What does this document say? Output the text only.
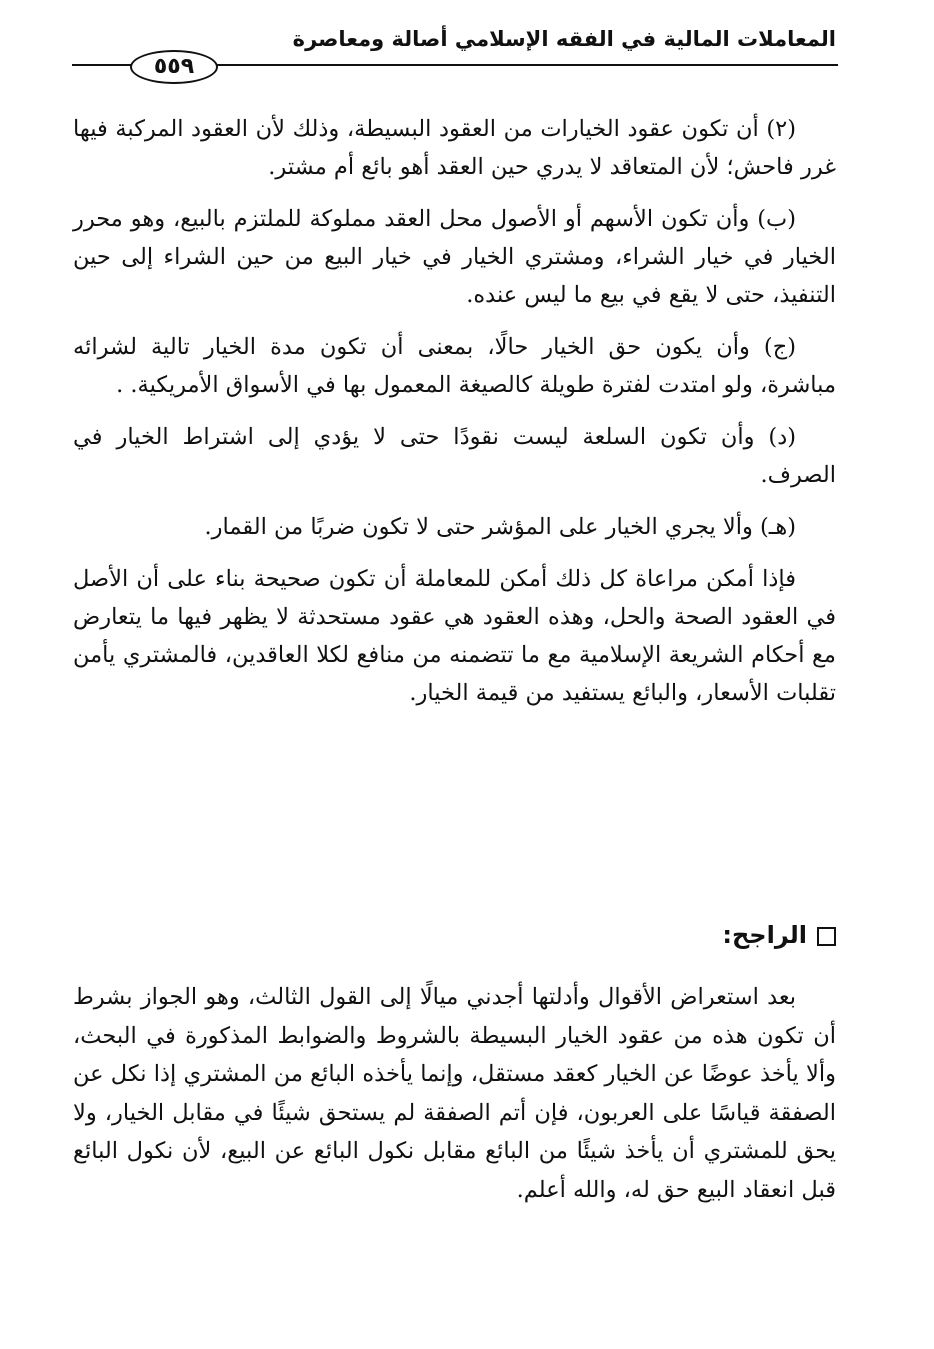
المعاملات المالية في الفقه الإسلامي أصالة ومعاصرة
٥٥٩

(٢) أن تكون عقود الخيارات من العقود البسيطة، وذلك لأن العقود المركبة فيها غرر فاحش؛ لأن المتعاقد لا يدري حين العقد أهو بائع أم مشتر.

(ب) وأن تكون الأسهم أو الأصول محل العقد مملوكة للملتزم بالبيع، وهو محرر الخيار في خيار الشراء، ومشتري الخيار في خيار البيع من حين الشراء إلى حين التنفيذ، حتى لا يقع في بيع ما ليس عنده.

(ج) وأن يكون حق الخيار حالًا، بمعنى أن تكون مدة الخيار تالية لشرائه مباشرة، ولو امتدت لفترة طويلة كالصيغة المعمول بها في الأسواق الأمريكية. .

(د) وأن تكون السلعة ليست نقودًا حتى لا يؤدي إلى اشتراط الخيار في الصرف.

(هـ) وألا يجري الخيار على المؤشر حتى لا تكون ضربًا من القمار.

فإذا أمكن مراعاة كل ذلك أمكن للمعاملة أن تكون صحيحة بناء على أن الأصل في العقود الصحة والحل، وهذه العقود هي عقود مستحدثة لا يظهر فيها ما يتعارض مع أحكام الشريعة الإسلامية مع ما تتضمنه من منافع لكلا العاقدين، فالمشتري يأمن تقلبات الأسعار، والبائع يستفيد من قيمة الخيار.

الراجح:

بعد استعراض الأقوال وأدلتها أجدني ميالًا إلى القول الثالث، وهو الجواز بشرط أن تكون هذه من عقود الخيار البسيطة بالشروط والضوابط المذكورة في البحث، وألا يأخذ عوضًا عن الخيار كعقد مستقل، وإنما يأخذه البائع من المشتري إذا نكل عن الصفقة قياسًا على العربون، فإن أتم الصفقة لم يستحق شيئًا في مقابل الخيار، ولا يحق للمشتري أن يأخذ شيئًا من البائع مقابل نكول البائع عن البيع، لأن نكول البائع قبل انعقاد البيع حق له، والله أعلم.
